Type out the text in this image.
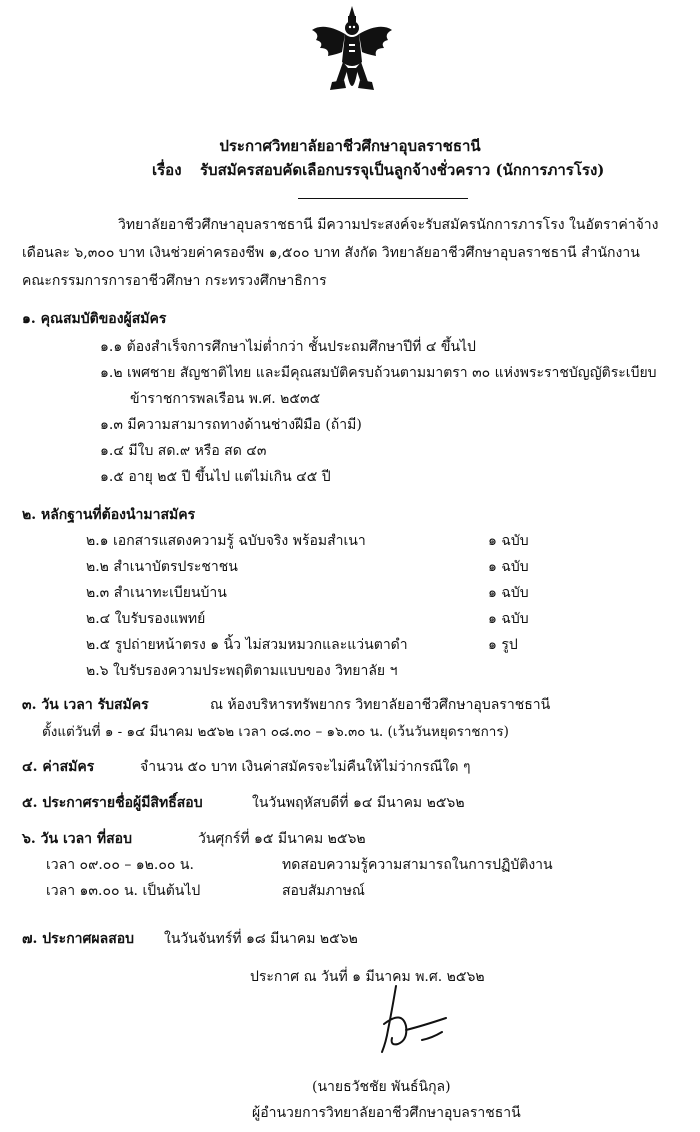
ประกาศวิทยาลัยอาชีวศึกษาอุบลราชธานี
เรื่อง รับสมัครสอบคัดเลือกบรรจุเป็นลูกจ้างชั่วคราว (นักการภารโรง)
วิทยาลัยอาชีวศึกษาอุบลราชธานี มีความประสงค์จะรับสมัครนักการภารโรง ในอัตราค่าจ้าง
เดือนละ ๖,๓๐๐ บาท เงินช่วยค่าครองชีพ ๑,๕๐๐ บาท สังกัด วิทยาลัยอาชีวศึกษาอุบลราชธานี สำนักงาน
คณะกรรมการการอาชีวศึกษา กระทรวงศึกษาธิการ
๑. คุณสมบัติของผู้สมัคร
๑.๑ ต้องสำเร็จการศึกษาไม่ต่ำกว่า ชั้นประถมศึกษาปีที่ ๔ ขึ้นไป
๑.๒ เพศชาย สัญชาติไทย และมีคุณสมบัติครบถ้วนตามมาตรา ๓๐ แห่งพระราชบัญญัติระเบียบ
ข้าราชการพลเรือน พ.ศ. ๒๕๓๕
๑.๓ มีความสามารถทางด้านช่างฝีมือ (ถ้ามี)
๑.๔ มีใบ สด.๙ หรือ สด ๔๓
๑.๕ อายุ ๒๕ ปี ขึ้นไป แต่ไม่เกิน ๔๕ ปี
๒. หลักฐานที่ต้องนำมาสมัคร
๒.๑ เอกสารแสดงความรู้ ฉบับจริง พร้อมสำเนา	๑ ฉบับ
๒.๒ สำเนาบัตรประชาชน	๑ ฉบับ
๒.๓ สำเนาทะเบียนบ้าน	๑ ฉบับ
๒.๔ ใบรับรองแพทย์	๑ ฉบับ
๒.๕ รูปถ่ายหน้าตรง ๑ นิ้ว ไม่สวมหมวกและแว่นตาดำ	๑ รูป
๒.๖ ใบรับรองความประพฤติตามแบบของ วิทยาลัย ฯ
๓. วัน เวลา รับสมัคร	ณ ห้องบริหารทรัพยากร วิทยาลัยอาชีวศึกษาอุบลราชธานี
ตั้งแต่วันที่ ๑ - ๑๔ มีนาคม ๒๕๖๒ เวลา ๐๘.๓๐ – ๑๖.๓๐ น. (เว้นวันหยุดราชการ)
๔. ค่าสมัคร	จำนวน ๕๐ บาท เงินค่าสมัครจะไม่คืนให้ไม่ว่ากรณีใด ๆ
๕. ประกาศรายชื่อผู้มีสิทธิ์สอบ	ในวันพฤหัสบดีที่ ๑๔ มีนาคม ๒๕๖๒
๖. วัน เวลา ที่สอบ	วันศุกร์ที่ ๑๕ มีนาคม ๒๕๖๒
เวลา ๐๙.๐๐ – ๑๒.๐๐ น.	ทดสอบความรู้ความสามารถในการปฏิบัติงาน
เวลา ๑๓.๐๐ น. เป็นต้นไป	สอบสัมภาษณ์
๗. ประกาศผลสอบ ในวันจันทร์ที่ ๑๘ มีนาคม ๒๕๖๒
ประกาศ ณ วันที่ ๑ มีนาคม พ.ศ. ๒๕๖๒
(นายธวัชชัย พันธ์นิกุล)
ผู้อำนวยการวิทยาลัยอาชีวศึกษาอุบลราชธานี
